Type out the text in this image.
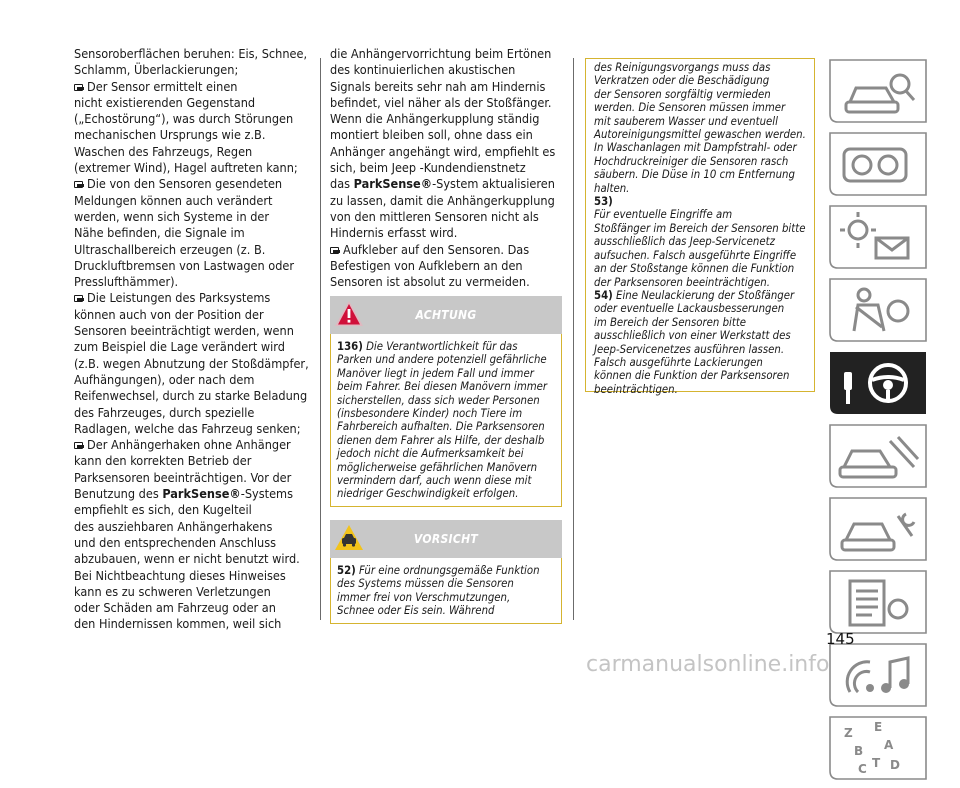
Sensoroberflächen beruhen: Eis, Schnee,

Schlamm, Überlackierungen;

Der Sensor ermittelt einen

nicht existierenden Gegenstand

(„Echostörung“), was durch Störungen

mechanischen Ursprungs wie z.B.

Waschen des Fahrzeugs, Regen

(extremer Wind), Hagel auftreten kann;

Die von den Sensoren gesendeten

Meldungen können auch verändert

werden, wenn sich Systeme in der

Nähe befinden, die Signale im

Ultraschallbereich erzeugen (z. B.

Druckluftbremsen von Lastwagen oder

Presslufthämmer).

Die Leistungen des Parksystems

können auch von der Position der

Sensoren beeinträchtigt werden, wenn

zum Beispiel die Lage verändert wird

(z.B. wegen Abnutzung der Stoßdämpfer,

Aufhängungen), oder nach dem

Reifenwechsel, durch zu starke Beladung

des Fahrzeuges, durch spezielle

Radlagen, welche das Fahrzeug senken;

Der Anhängerhaken ohne Anhänger

kann den korrekten Betrieb der

Parksensoren beeinträchtigen. Vor der

Benutzung des ParkSense®-Systems

empfiehlt es sich, den Kugelteil

des ausziehbaren Anhängerhakens

und den entsprechenden Anschluss

abzubauen, wenn er nicht benutzt wird.

Bei Nichtbeachtung dieses Hinweises

kann es zu schweren Verletzungen

oder Schäden am Fahrzeug oder an

den Hindernissen kommen, weil sich

die Anhängervorrichtung beim Ertönen

des kontinuierlichen akustischen

Signals bereits sehr nah am Hindernis

befindet, viel näher als der Stoßfänger.

Wenn die Anhängerkupplung ständig

montiert bleiben soll, ohne dass ein

Anhänger angehängt wird, empfiehlt es

sich, beim Jeep -Kundendienstnetz

das ParkSense®-System aktualisieren

zu lassen, damit die Anhängerkupplung

von den mittleren Sensoren nicht als

Hindernis erfasst wird.

Aufkleber auf den Sensoren. Das

Befestigen von Aufklebern an den

Sensoren ist absolut zu vermeiden.

ACHTUNG
136) Die Verantwortlichkeit für das
Parken und andere potenziell gefährliche
Manöver liegt in jedem Fall und immer
beim Fahrer. Bei diesen Manövern immer
sicherstellen, dass sich weder Personen
(insbesondere Kinder) noch Tiere im
Fahrbereich aufhalten. Die Parksensoren
dienen dem Fahrer als Hilfe, der deshalb
jedoch nicht die Aufmerksamkeit bei
möglicherweise gefährlichen Manövern
vermindern darf, auch wenn diese mit
niedriger Geschwindigkeit erfolgen.
VORSICHT
52) Für eine ordnungsgemäße Funktion
des Systems müssen die Sensoren
immer frei von Verschmutzungen,
Schnee oder Eis sein. Während

des Reinigungsvorgangs muss das

Verkratzen oder die Beschädigung

der Sensoren sorgfältig vermieden

werden. Die Sensoren müssen immer

mit sauberem Wasser und eventuell

Autoreinigungsmittel gewaschen werden.

In Waschanlagen mit Dampfstrahl- oder

Hochdruckreiniger die Sensoren rasch

säubern. Die Düse in 10 cm Entfernung

halten.

53)

Für eventuelle Eingriffe am

Stoßfänger im Bereich der Sensoren bitte

ausschließlich das Jeep-Servicenetz

aufsuchen. Falsch ausgeführte Eingriffe

an der Stoßstange können die Funktion

der Parksensoren beeinträchtigen.

54) Eine Neulackierung der Stoßfänger

oder eventuelle Lackausbesserungen

im Bereich der Sensoren bitte

ausschließlich von einer Werkstatt des

Jeep-Servicenetzes ausführen lassen.

Falsch ausgeführte Lackierungen

können die Funktion der Parksensoren

beeinträchtigen.

Z E
B A
C T D
145
carmanualsonline.info
